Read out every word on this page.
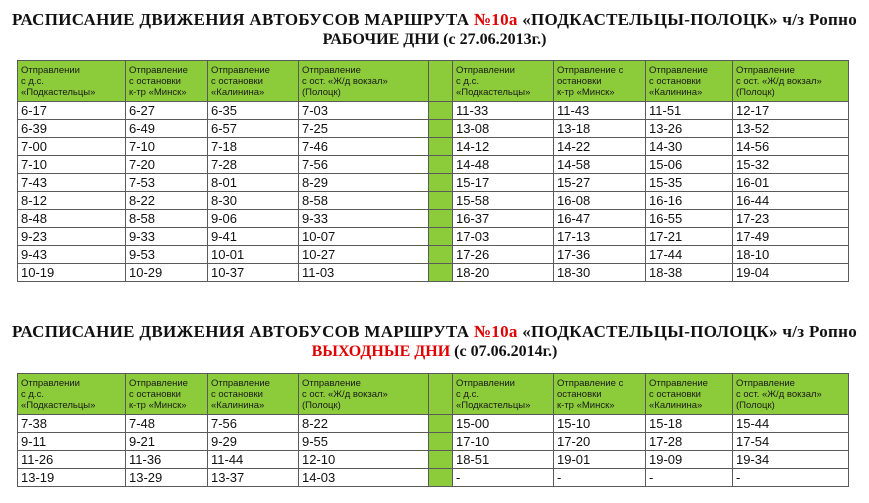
РАСПИСАНИЕ ДВИЖЕНИЯ АВТОБУСОВ МАРШРУТА №10а «ПОДКАСТЕЛЬЦЫ-ПОЛОЦК» ч/з Ропно
РАБОЧИЕ ДНИ (с 27.06.2013г.)
Отправлении
с д.с.
«Подкастельцы»	Отправление
с остановки
к-тр «Минск»	Отправление
с остановки
«Калинина»	Отправление
с ост. «Ж/д вокзал»
(Полоцк)		Отправлении
с д.с.
«Подкастельцы»	Отправление с
остановки
к-тр «Минск»	Отправление
с остановки
«Калинина»	Отправление
с ост. «Ж/д вокзал»
(Полоцк)
6-17	6-27	6-35	7-03		11-33	11-43	11-51	12-17
6-39	6-49	6-57	7-25		13-08	13-18	13-26	13-52
7-00	7-10	7-18	7-46		14-12	14-22	14-30	14-56
7-10	7-20	7-28	7-56		14-48	14-58	15-06	15-32
7-43	7-53	8-01	8-29		15-17	15-27	15-35	16-01
8-12	8-22	8-30	8-58		15-58	16-08	16-16	16-44
8-48	8-58	9-06	9-33		16-37	16-47	16-55	17-23
9-23	9-33	9-41	10-07		17-03	17-13	17-21	17-49
9-43	9-53	10-01	10-27		17-26	17-36	17-44	18-10
10-19	10-29	10-37	11-03		18-20	18-30	18-38	19-04
РАСПИСАНИЕ ДВИЖЕНИЯ АВТОБУСОВ МАРШРУТА №10а «ПОДКАСТЕЛЬЦЫ-ПОЛОЦК» ч/з Ропно
ВЫХОДНЫЕ ДНИ (с 07.06.2014г.)
Отправлении
с д.с.
«Подкастельцы»	Отправление
с остановки
к-тр «Минск»	Отправление
с остановки
«Калинина»	Отправление
с ост. «Ж/д вокзал»
(Полоцк)		Отправлении
с д.с.
«Подкастельцы»	Отправление с
остановки
к-тр «Минск»	Отправление
с остановки
«Калинина»	Отправление
с ост. «Ж/д вокзал»
(Полоцк)
7-38	7-48	7-56	8-22		15-00	15-10	15-18	15-44
9-11	9-21	9-29	9-55		17-10	17-20	17-28	17-54
11-26	11-36	11-44	12-10		18-51	19-01	19-09	19-34
13-19	13-29	13-37	14-03		-	-	-	-
